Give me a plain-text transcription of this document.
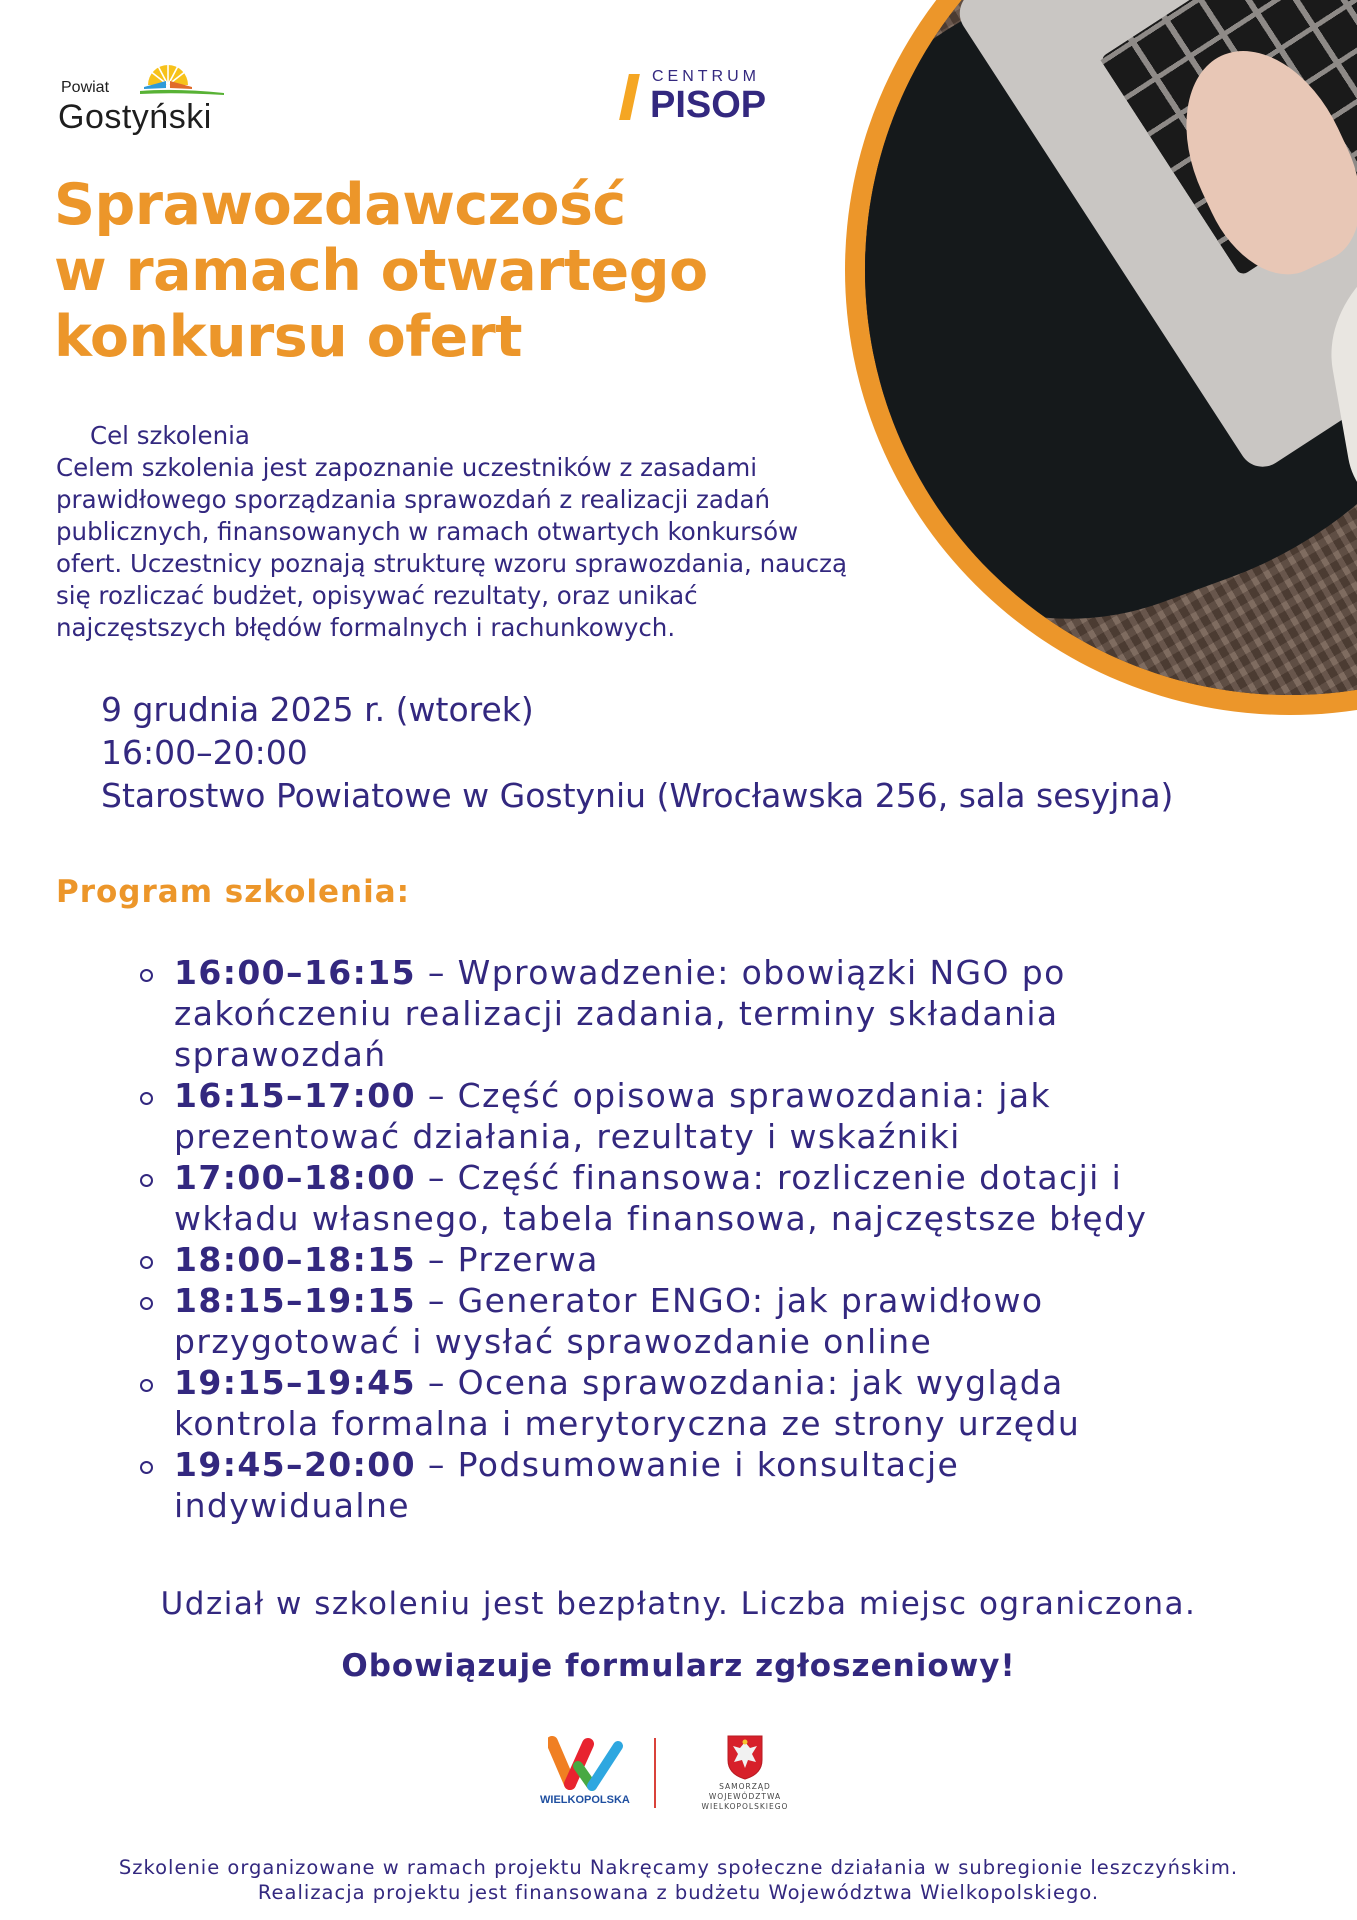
Powiat
Gostyński
CENTRUM
PISOP
Sprawozdawczość
w ramach otwartego
konkursu ofert
Cel szkolenia
Celem szkolenia jest zapoznanie uczestników z zasadami
prawidłowego sporządzania sprawozdań z realizacji zadań
publicznych, finansowanych w ramach otwartych konkursów
ofert. Uczestnicy poznają strukturę wzoru sprawozdania, nauczą
się rozliczać budżet, opisywać rezultaty, oraz unikać
najczęstszych błędów formalnych i rachunkowych.
9 grudnia 2025 r. (wtorek)
16:00–20:00
Starostwo Powiatowe w Gostyniu (Wrocławska 256, sala sesyjna)
Program szkolenia:
16:00–16:15 – Wprowadzenie: obowiązki NGO po
zakończeniu realizacji zadania, terminy składania
sprawozdań
16:15–17:00 – Część opisowa sprawozdania: jak
prezentować działania, rezultaty i wskaźniki
17:00–18:00 – Część finansowa: rozliczenie dotacji i
wkładu własnego, tabela finansowa, najczęstsze błędy
18:00–18:15 – Przerwa
18:15–19:15 – Generator ENGO: jak prawidłowo
przygotować i wysłać sprawozdanie online
19:15–19:45 – Ocena sprawozdania: jak wygląda
kontrola formalna i merytoryczna ze strony urzędu
19:45–20:00 – Podsumowanie i konsultacje
indywidualne
Udział w szkoleniu jest bezpłatny. Liczba miejsc ograniczona.
Obowiązuje formularz zgłoszeniowy!
WIELKOPOLSKA
SAMORZĄD
WOJEWÓDZTWA
WIELKOPOLSKIEGO
Szkolenie organizowane w ramach projektu Nakręcamy społeczne działania w subregionie leszczyńskim.
Realizacja projektu jest finansowana z budżetu Województwa Wielkopolskiego.
